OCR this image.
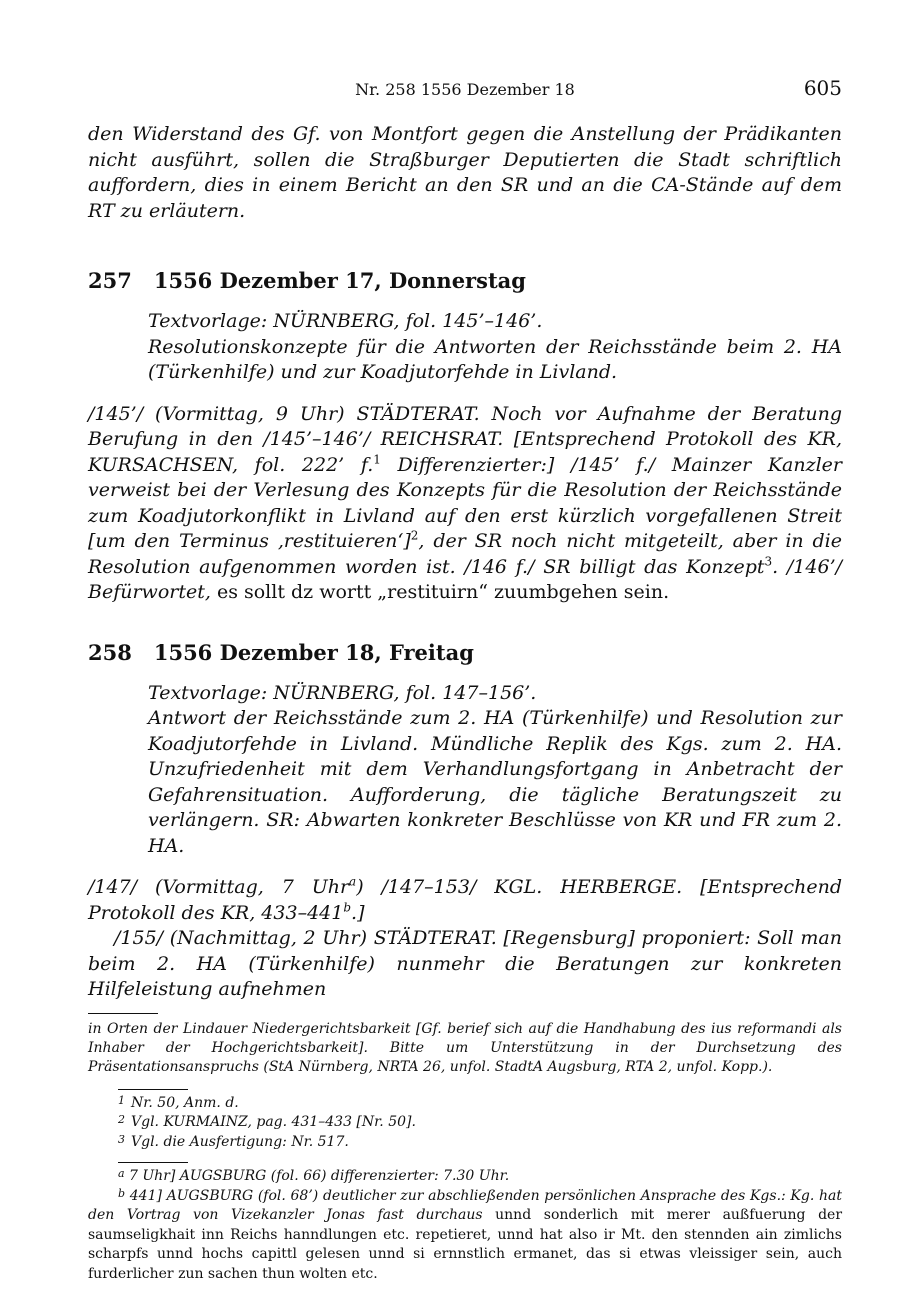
Nr. 258 1556 Dezember 18	605

den Widerstand des Gf. von Montfort gegen die Anstellung der Prädikanten nicht ausführt, sollen die Straßburger Deputierten die Stadt schriftlich auffordern, dies in einem Bericht an den SR und an die CA-Stände auf dem RT zu erläutern.

257 1556 Dezember 17, Donnerstag

Textvorlage: NÜRNBERG, fol. 145’–146’.

Resolutionskonzepte für die Antworten der Reichsstände beim 2. HA (Türkenhilfe) und zur Koadjutorfehde in Livland.

/145’/ (Vormittag, 9 Uhr) STÄDTERAT. Noch vor Aufnahme der Beratung Berufung in den /145’–146’/ REICHSRAT. [Entsprechend Protokoll des KR, KURSACHSEN, fol. 222’ f.$^1$ Differenzierter:] /145’ f./ Mainzer Kanzler verweist bei der Verlesung des Konzepts für die Resolution der Reichsstände zum Koadjutorkonflikt in Livland auf den erst kürzlich vorgefallenen Streit [um den Terminus ‚restituieren‘]$^2$, der SR noch nicht mitgeteilt, aber in die Resolution aufgenommen worden ist. /146 f./ SR billigt das Konzept$^3$. /146’/ Befürwortet, es sollt dz wortt „restituirn“ zuumbgehen sein.

258 1556 Dezember 18, Freitag

Textvorlage: NÜRNBERG, fol. 147–156’.

Antwort der Reichsstände zum 2. HA (Türkenhilfe) und Resolution zur Koadjutorfehde in Livland. Mündliche Replik des Kgs. zum 2. HA. Unzufriedenheit mit dem Verhandlungsfortgang in Anbetracht der Gefahrensituation. Aufforderung, die tägliche Beratungszeit zu verlängern. SR: Abwarten konkreter Beschlüsse von KR und FR zum 2. HA.

/147/ (Vormittag, 7 Uhr$^a$) /147–153/ KGL. HERBERGE. [Entsprechend Protokoll des KR, 433–441$^b$.]

/155/ (Nachmittag, 2 Uhr) STÄDTERAT. [Regensburg] proponiert: Soll man beim 2. HA (Türkenhilfe) nunmehr die Beratungen zur konkreten Hilfeleistung aufnehmen

in Orten der Lindauer Niedergerichtsbarkeit [Gf. berief sich auf die Handhabung des ius reformandi als Inhaber der Hochgerichtsbarkeit]. Bitte um Unterstützung in der Durchsetzung des Präsentationsanspruchs (StA Nürnberg, NRTA 26, unfol. StadtA Augsburg, RTA 2, unfol. Kopp.).

1 Nr. 50, Anm. d.
2 Vgl. KURMAINZ, pag. 431–433 [Nr. 50].
3 Vgl. die Ausfertigung: Nr. 517.

$^a$ 7 Uhr] AUGSBURG (fol. 66) differenzierter: 7.30 Uhr.

$^b$ 441] AUGSBURG (fol. 68’) deutlicher zur abschließenden persönlichen Ansprache des Kgs.: Kg. hat den Vortrag von Vizekanzler Jonas fast durchaus unnd sonderlich mit merer außfuerung der saumseligkhait inn Reichs hanndlungen etc. repetieret, unnd hat also ir Mt. den stennden ain zimlichs scharpfs unnd hochs capittl gelesen unnd si ernnstlich ermanet, das si etwas vleissiger sein, auch furderlicher zun sachen thun wolten etc.
